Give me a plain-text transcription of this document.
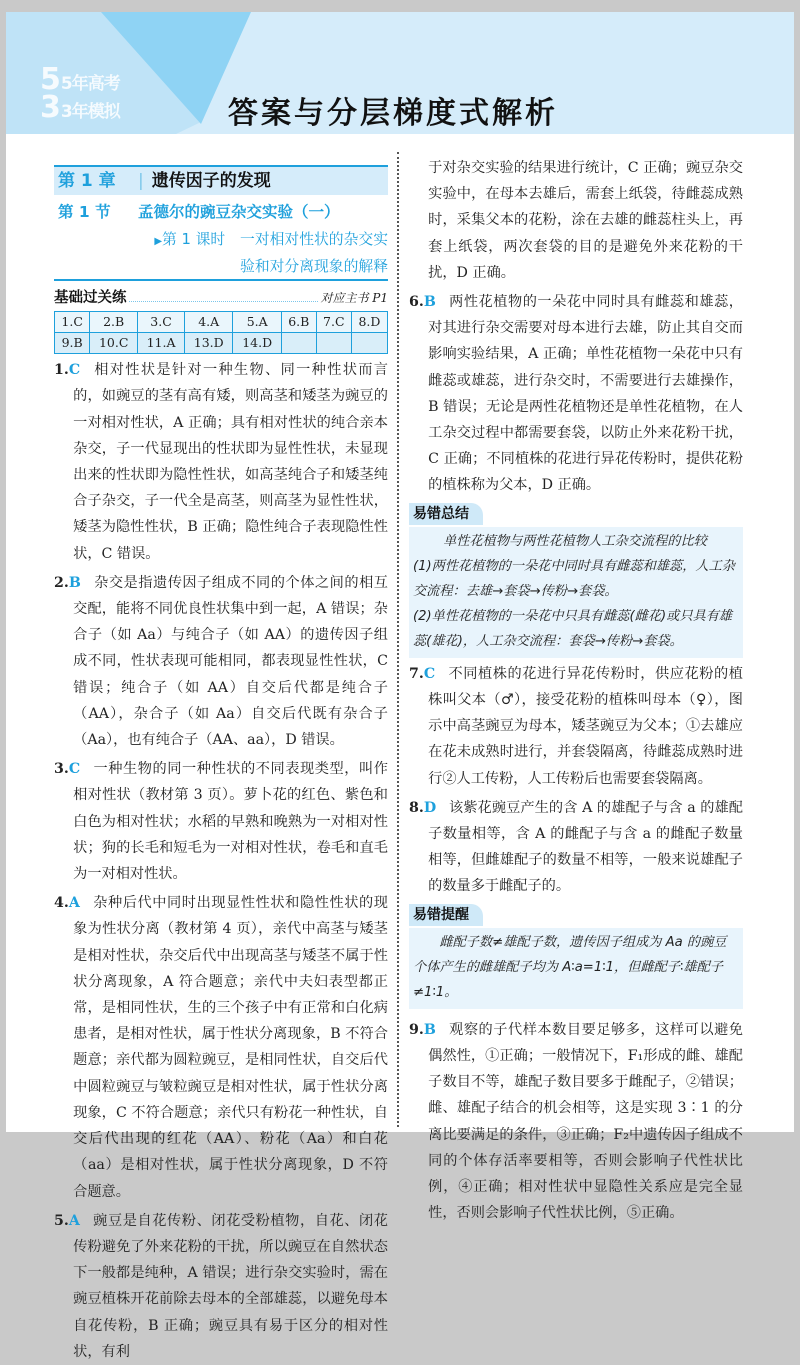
55年高考
33年模拟	答案与分层梯度式解析
第 1 章	| 遗传因子的发现
第 1 节	孟德尔的豌豆杂交实验（一）
▶第 1 课时　一对相对性状的杂交实
验和对分离现象的解释
基础过关练	对应主书 P1
1.C	2.B	3.C	4.A	5.A	6.B	7.C	8.D
9.B	10.C	11.A	13.D	14.D			
1.C 相对性状是针对一种生物、同一种性状而言的，如豌豆的茎有高有矮，则高茎和矮茎为豌豆的一对相对性状，A 正确；具有相对性状的纯合亲本杂交，子一代显现出的性状即为显性性状，未显现出来的性状即为隐性性状，如高茎纯合子和矮茎纯合子杂交，子一代全是高茎，则高茎为显性性状，矮茎为隐性性状，B 正确；隐性纯合子表现隐性性状，C 错误。
2.B 杂交是指遗传因子组成不同的个体之间的相互交配，能将不同优良性状集中到一起，A 错误；杂合子（如 Aa）与纯合子（如 AA）的遗传因子组成不同，性状表现可能相同，都表现显性性状，C 错误；纯合子（如 AA）自交后代都是纯合子（AA），杂合子（如 Aa）自交后代既有杂合子（Aa），也有纯合子（AA、aa），D 错误。
3.C 一种生物的同一种性状的不同表现类型，叫作相对性状（教材第 3 页）。萝卜花的红色、紫色和白色为相对性状；水稻的早熟和晚熟为一对相对性状；狗的长毛和短毛为一对相对性状，卷毛和直毛为一对相对性状。
4.A 杂种后代中同时出现显性性状和隐性性状的现象为性状分离（教材第 4 页），亲代中高茎与矮茎是相对性状，杂交后代中出现高茎与矮茎不属于性状分离现象，A 符合题意；亲代中夫妇表型都正常，是相同性状，生的三个孩子中有正常和白化病患者，是相对性状，属于性状分离现象，B 不符合题意；亲代都为圆粒豌豆，是相同性状，自交后代中圆粒豌豆与皱粒豌豆是相对性状，属于性状分离现象，C 不符合题意；亲代只有粉花一种性状，自交后代出现的红花（AA）、粉花（Aa）和白花（aa）是相对性状，属于性状分离现象，D 不符合题意。
5.A 豌豆是自花传粉、闭花受粉植物，自花、闭花传粉避免了外来花粉的干扰，所以豌豆在自然状态下一般都是纯种，A 错误；进行杂交实验时，需在豌豆植株开花前除去母本的全部雄蕊，以避免母本自花传粉，B 正确；豌豆具有易于区分的相对性状，有利
于对杂交实验的结果进行统计，C 正确；豌豆杂交实验中，在母本去雄后，需套上纸袋，待雌蕊成熟时，采集父本的花粉，涂在去雄的雌蕊柱头上，再套上纸袋，两次套袋的目的是避免外来花粉的干扰，D 正确。
6.B 两性花植物的一朵花中同时具有雌蕊和雄蕊，对其进行杂交需要对母本进行去雄，防止其自交而影响实验结果，A 正确；单性花植物一朵花中只有雌蕊或雄蕊，进行杂交时，不需要进行去雄操作，B 错误；无论是两性花植物还是单性花植物，在人工杂交过程中都需要套袋，以防止外来花粉干扰，C 正确；不同植株的花进行异花传粉时，提供花粉的植株称为父本，D 正确。
易错总结
单性花植物与两性花植物人工杂交流程的比较
(1)两性花植物的一朵花中同时具有雌蕊和雄蕊，人工杂交流程：去雄→套袋→传粉→套袋。
(2)单性花植物的一朵花中只具有雌蕊(雌花)或只具有雄蕊(雄花)，人工杂交流程：套袋→传粉→套袋。
7.C 不同植株的花进行异花传粉时，供应花粉的植株叫父本（♂），接受花粉的植株叫母本（♀），图示中高茎豌豆为母本，矮茎豌豆为父本；①去雄应在花未成熟时进行，并套袋隔离，待雌蕊成熟时进行②人工传粉，人工传粉后也需要套袋隔离。
8.D 该紫花豌豆产生的含 A 的雄配子与含 a 的雄配子数量相等，含 A 的雌配子与含 a 的雌配子数量相等，但雌雄配子的数量不相等，一般来说雄配子的数量多于雌配子的。
易错提醒
雌配子数≠雄配子数，遗传因子组成为 Aa 的豌豆个体产生的雌雄配子均为 A∶a=1∶1，但雌配子∶雄配子≠1∶1。
9.B 观察的子代样本数目要足够多，这样可以避免偶然性，①正确；一般情况下，F₁形成的雌、雄配子数目不等，雄配子数目要多于雌配子，②错误；雌、雄配子结合的机会相等，这是实现 3∶1 的分离比要满足的条件，③正确；F₂中遗传因子组成不同的个体存活率要相等，否则会影响子代性状比例，④正确；相对性状中显隐性关系应是完全显性，否则会影响子代性状比例，⑤正确。
